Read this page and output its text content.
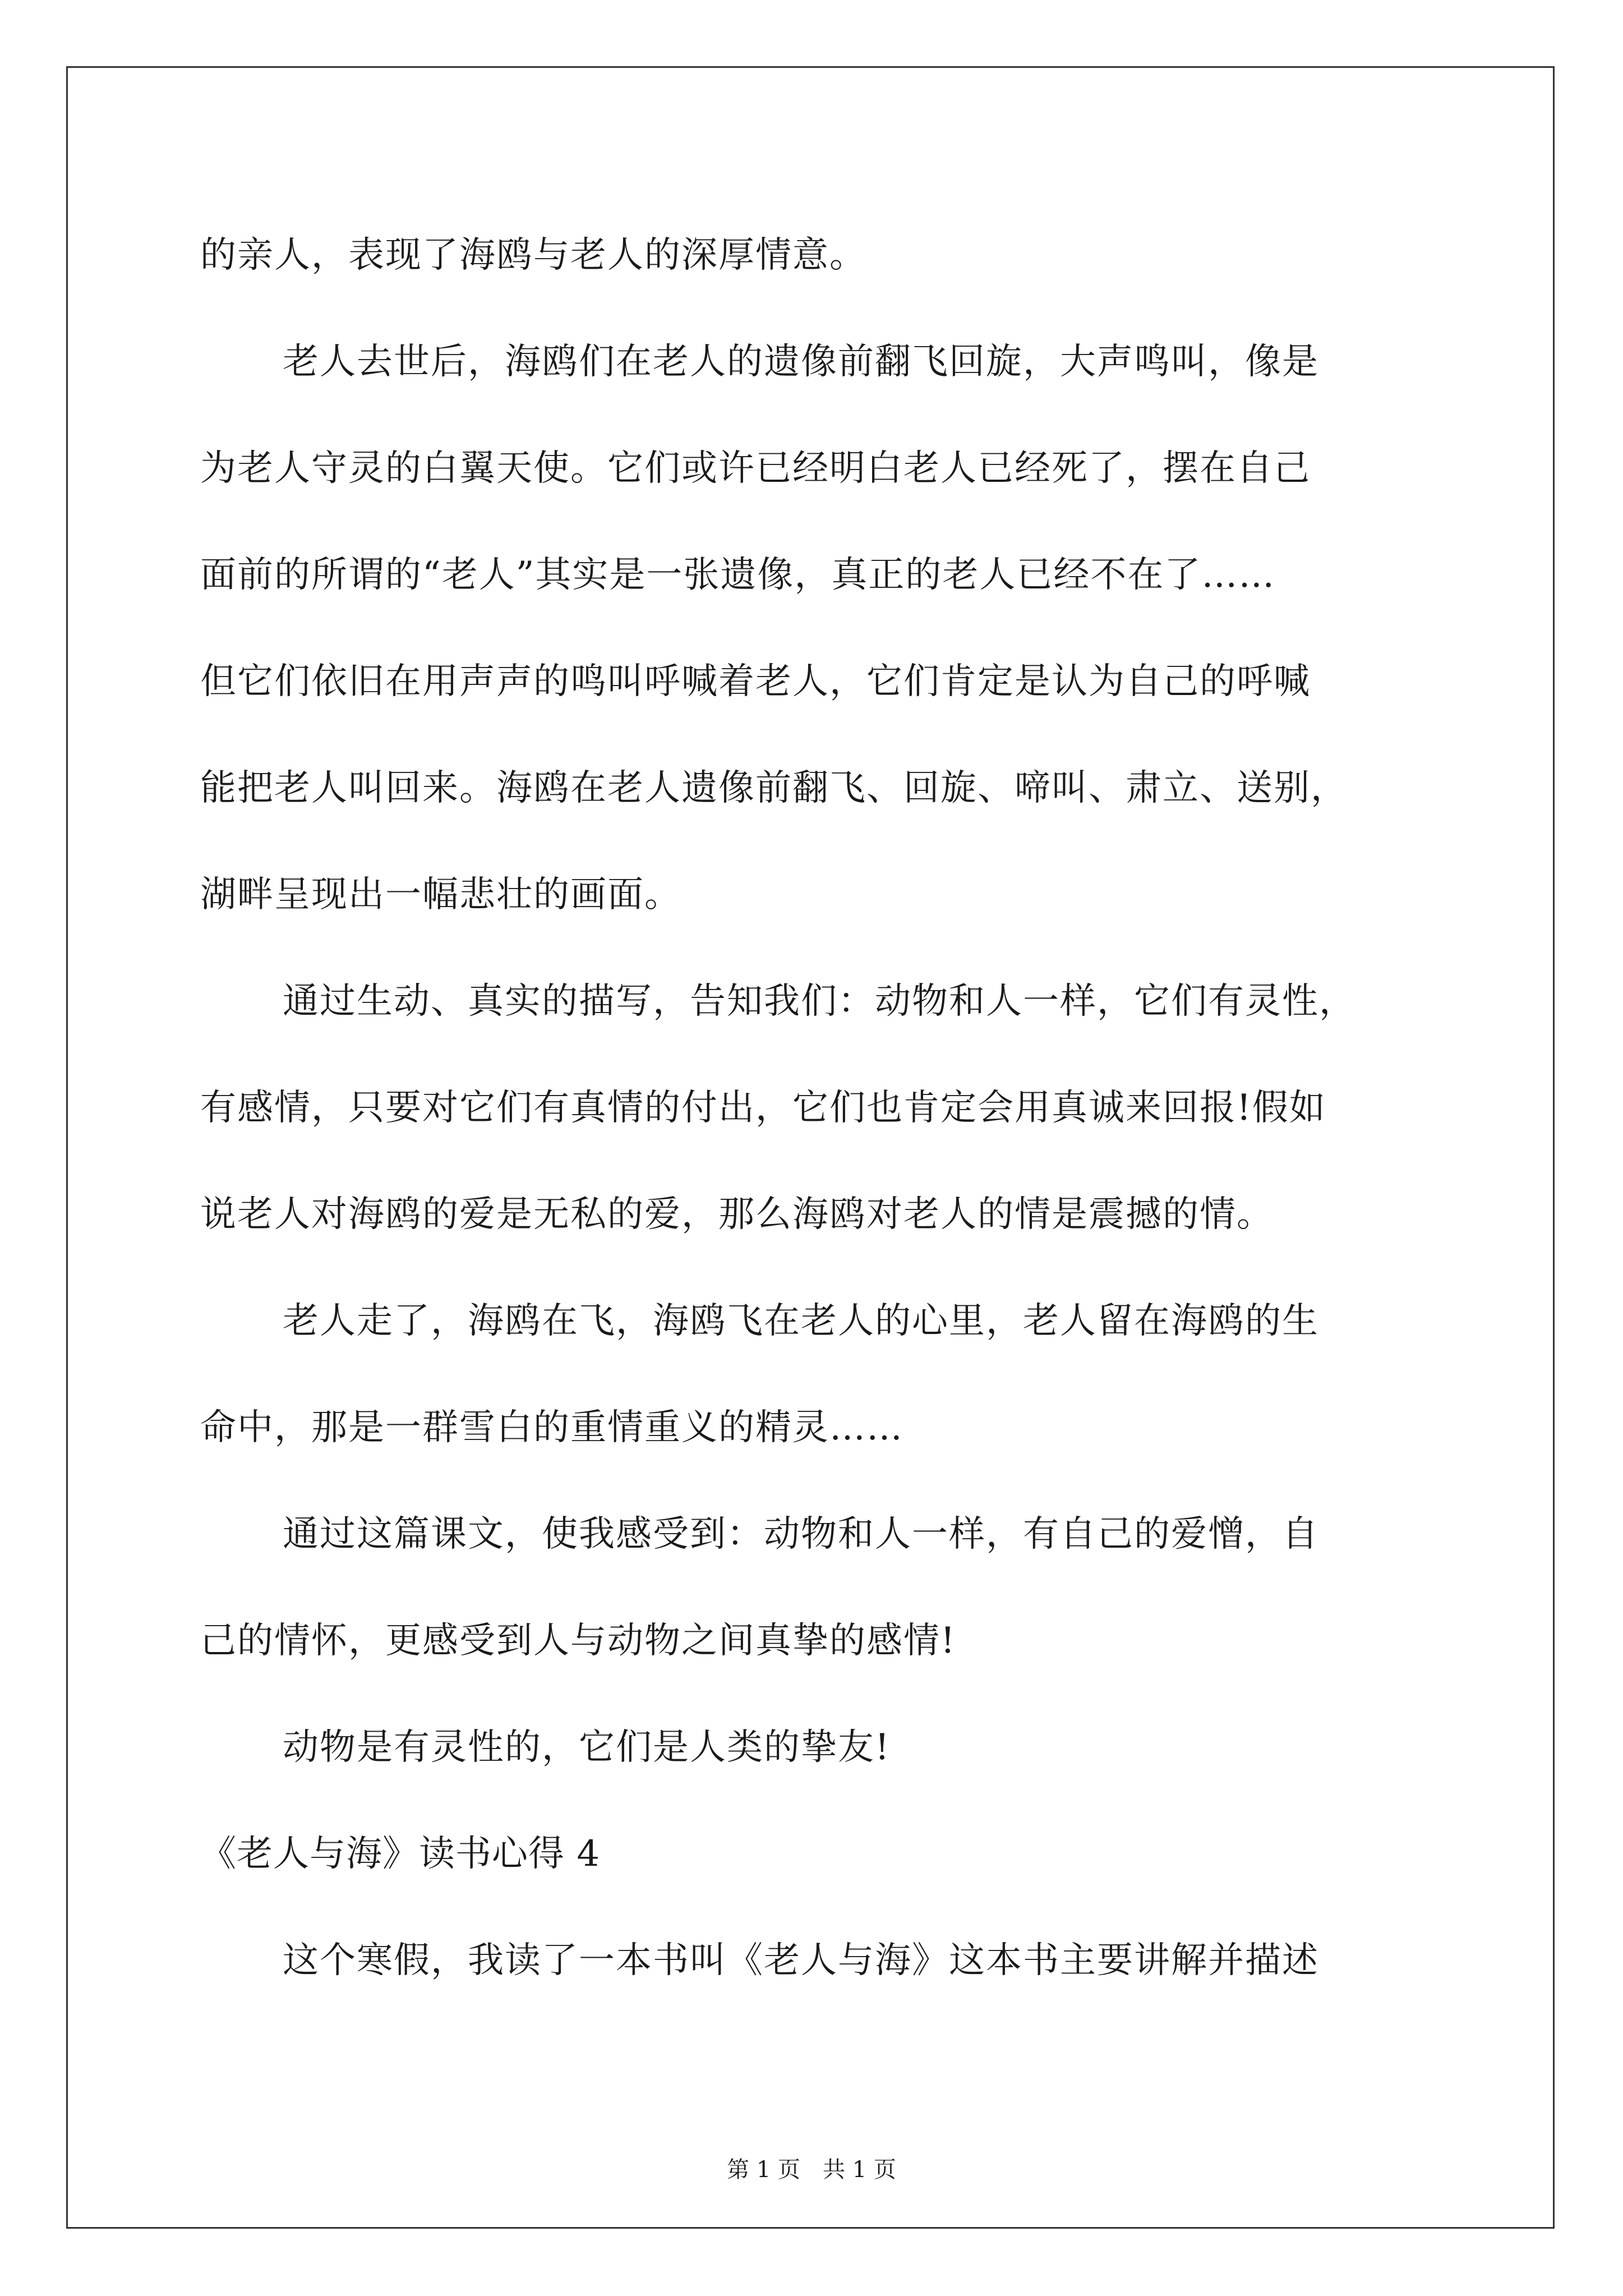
的亲人，表现了海鸥与老人的深厚情意。
老人去世后，海鸥们在老人的遗像前翻飞回旋，大声鸣叫，像是
为老人守灵的白翼天使。它们或许已经明白老人已经死了，摆在自己
面前的所谓的“老人”其实是一张遗像，真正的老人已经不在了……
但它们依旧在用声声的鸣叫呼喊着老人，它们肯定是认为自己的呼喊
能把老人叫回来。海鸥在老人遗像前翻飞、回旋、啼叫、肃立、送别，
湖畔呈现出一幅悲壮的画面。
通过生动、真实的描写，告知我们：动物和人一样，它们有灵性，
有感情，只要对它们有真情的付出，它们也肯定会用真诚来回报!假如
说老人对海鸥的爱是无私的爱，那么海鸥对老人的情是震撼的情。
老人走了，海鸥在飞，海鸥飞在老人的心里，老人留在海鸥的生
命中，那是一群雪白的重情重义的精灵……
通过这篇课文，使我感受到：动物和人一样，有自己的爱憎，自
己的情怀，更感受到人与动物之间真挚的感情!
动物是有灵性的，它们是人类的挚友!
《老人与海》读书心得 4
这个寒假，我读了一本书叫《老人与海》这本书主要讲解并描述
第 1 页 共 1 页
